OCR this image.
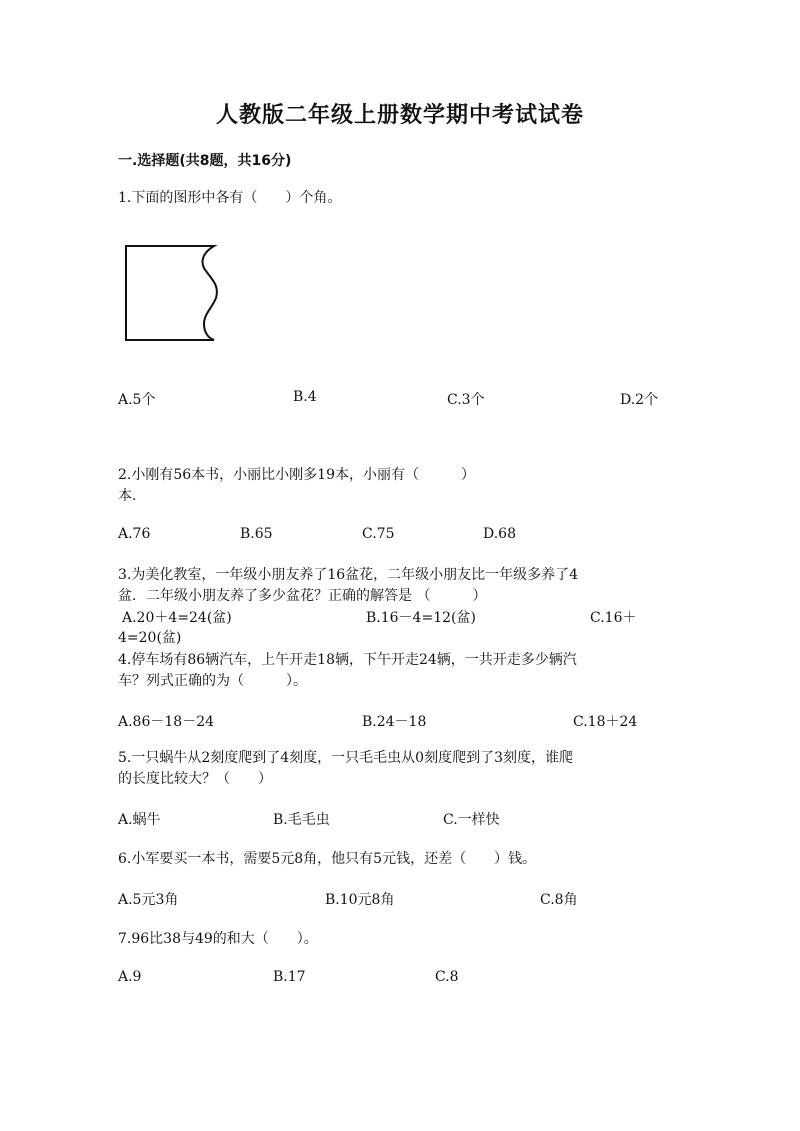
人教版二年级上册数学期中考试试卷
一.选择题(共8题，共16分)
1.下面的图形中各有（　　）个角。
A.5个	B.4	C.3个	D.2个
2.小刚有56本书，小丽比小刚多19本，小丽有（　　　）
本.
A.76	B.65	C.75	D.68
3.为美化教室，一年级小朋友养了16盆花，二年级小朋友比一年级多养了4
盆．二年级小朋友养了多少盆花？正确的解答是 （　　　）
A.20＋4=24(盆)	B.16－4=12(盆)	C.16＋
4=20(盆)
4.停车场有86辆汽车，上午开走18辆，下午开走24辆，一共开走多少辆汽
车？列式正确的为（　　　）。
A.86－18－24	B.24－18	C.18＋24
5.一只蜗牛从2刻度爬到了4刻度，一只毛毛虫从0刻度爬到了3刻度，谁爬
的长度比较大？（　　）
A.蜗牛	B.毛毛虫	C.一样快
6.小军要买一本书，需要5元8角，他只有5元钱，还差（　　）钱。
A.5元3角	B.10元8角	C.8角
7.96比38与49的和大（　　）。
A.9	B.17	C.8
